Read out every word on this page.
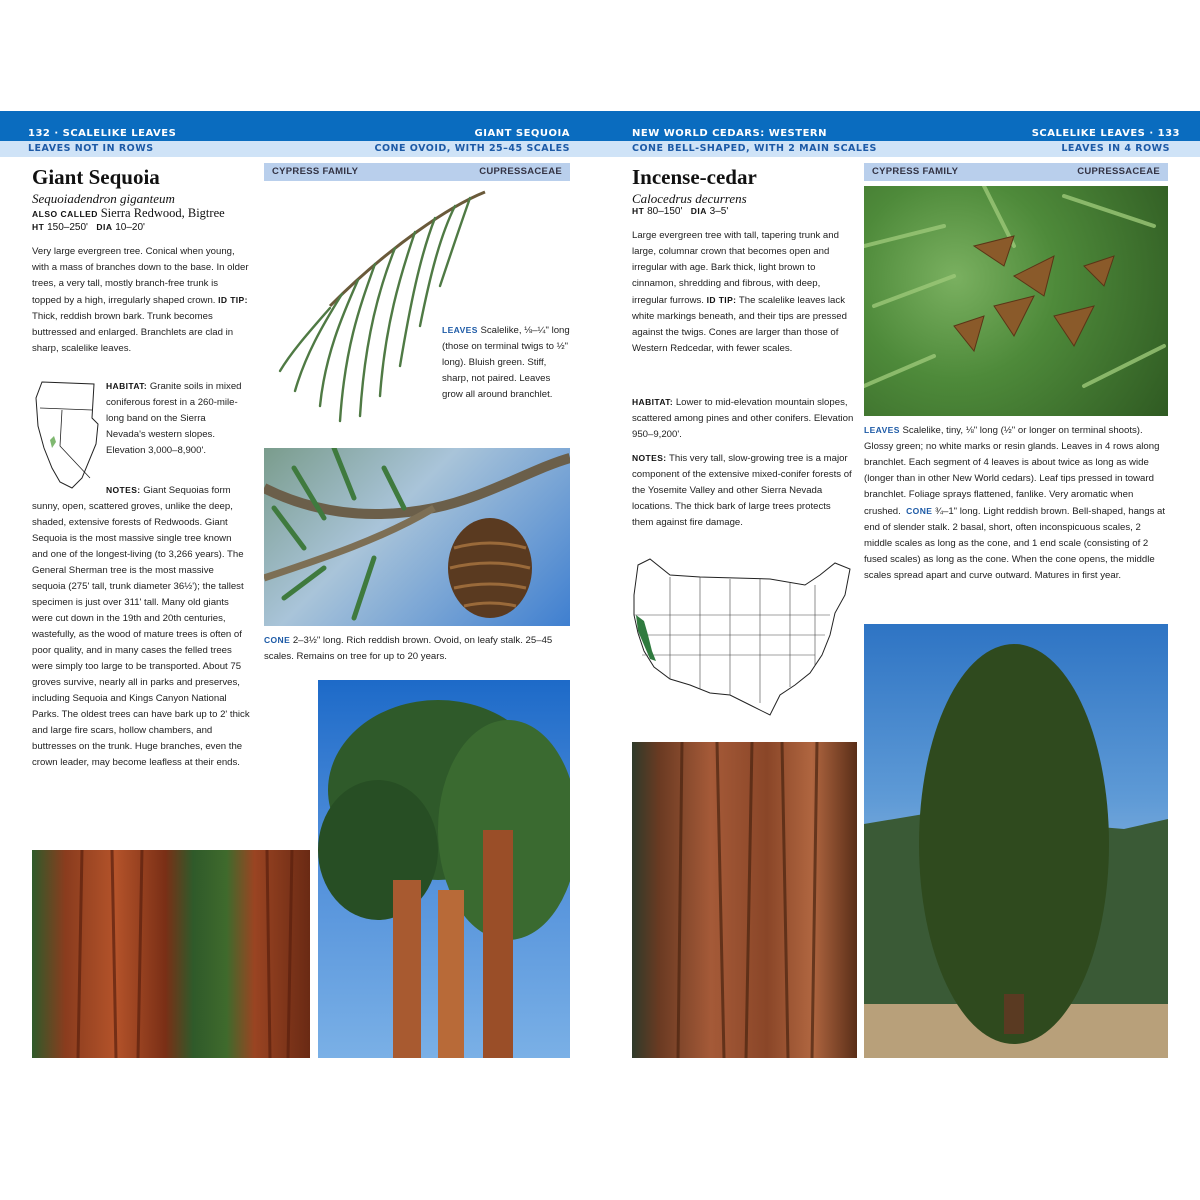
132 · SCALELIKE LEAVES
LEAVES NOT IN ROWS
GIANT SEQUOIA
CONE OVOID, WITH 25–45 SCALES
NEW WORLD CEDARS: WESTERN
CONE BELL-SHAPED, WITH 2 MAIN SCALES
SCALELIKE LEAVES · 133
LEAVES IN 4 ROWS
CYPRESS FAMILY	CUPRESSACEAE
Giant Sequoia
Sequoiadendron giganteum
ALSO CALLED Sierra Redwood, Bigtree
HT 150–250' DIA 10–20'
Very large evergreen tree. Conical when young, with a mass of branches down to the base. In older trees, a very tall, mostly branch-free trunk is topped by a high, irregularly shaped crown. ID TIP: Thick, reddish brown bark. Trunk becomes buttressed and enlarged. Branchlets are clad in sharp, scalelike leaves.
HABITAT: Granite soils in mixed coniferous forest in a 260-mile-long band on the Sierra Nevada's western slopes. Elevation 3,000–8,900'.
NOTES: Giant Sequoias form sunny, open, scattered groves, unlike the deep, shaded, extensive forests of Redwoods. Giant Sequoia is the most massive single tree known and one of the longest-living (to 3,266 years). The General Sherman tree is the most massive sequoia (275' tall, trunk diameter 36½'); the tallest specimen is just over 311' tall. Many old giants were cut down in the 19th and 20th centuries, wastefully, as the wood of mature trees is often of poor quality, and in many cases the felled trees were simply too large to be transported. About 75 groves survive, nearly all in parks and preserves, including Sequoia and Kings Canyon National Parks. The oldest trees can have bark up to 2' thick and large fire scars, hollow chambers, and buttresses on the trunk. Huge branches, even the crown leader, may become leafless at their ends.
LEAVES Scalelike, ⅛–¼" long (those on terminal twigs to ½" long). Bluish green. Stiff, sharp, not paired. Leaves grow all around branchlet.
CONE 2–3½" long. Rich reddish brown. Ovoid, on leafy stalk. 25–45 scales. Remains on tree for up to 20 years.
CYPRESS FAMILY	CUPRESSACEAE
Incense-cedar
Calocedrus decurrens
HT 80–150' DIA 3–5'
Large evergreen tree with tall, tapering trunk and large, columnar crown that becomes open and irregular with age. Bark thick, light brown to cinnamon, shredding and fibrous, with deep, irregular furrows. ID TIP: The scalelike leaves lack white markings beneath, and their tips are pressed against the twigs. Cones are larger than those of Western Redcedar, with fewer scales.
HABITAT: Lower to mid-elevation mountain slopes, scattered among pines and other conifers. Elevation 950–9,200'.
NOTES: This very tall, slow-growing tree is a major component of the extensive mixed-conifer forests of the Yosemite Valley and other Sierra Nevada locations. The thick bark of large trees protects them against fire damage.
LEAVES Scalelike, tiny, ⅛" long (½" or longer on terminal shoots). Glossy green; no white marks or resin glands. Leaves in 4 rows along branchlet. Each segment of 4 leaves is about twice as long as wide (longer than in other New World cedars). Leaf tips pressed in toward branchlet. Foliage sprays flattened, fanlike. Very aromatic when crushed. CONE ¾–1" long. Light reddish brown. Bell-shaped, hangs at end of slender stalk. 2 basal, short, often inconspicuous scales, 2 middle scales as long as the cone, and 1 end scale (consisting of 2 fused scales) as long as the cone. When the cone opens, the middle scales spread apart and curve outward. Matures in first year.
